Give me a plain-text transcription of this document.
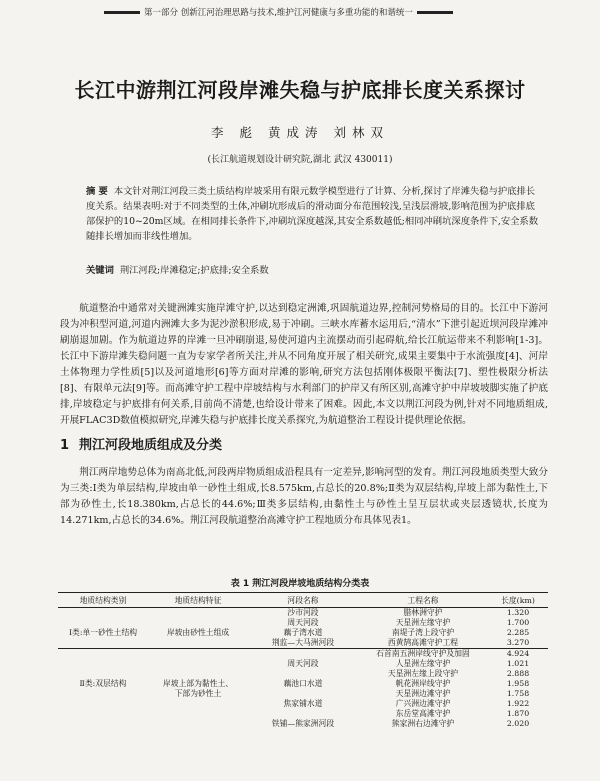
第一部分 创新江河治理思路与技术,维护江河健康与多重功能的和谐统一
长江中游荆江河段岸滩失稳与护底排长度关系探讨
李 彪 黄成涛 刘林双
(长江航道规划设计研究院,湖北 武汉 430011)
摘 要 本文针对荆江河段三类土质结构岸坡采用有限元数学模型进行了计算、分析,探讨了岸滩失稳与护底排长度关系。结果表明:对于不同类型的土体,冲刷坑形成后的滑动面分布范围较浅,呈浅层滑坡,影响范围为护底排底部保护的10~20m区域。在相同排长条件下,冲刷坑深度越深,其安全系数越低;相同冲刷坑深度条件下,安全系数随排长增加而非线性增加。
关键词 荆江河段;岸滩稳定;护底排;安全系数
航道整治中通常对关键洲滩实施岸滩守护,以达到稳定洲滩,巩固航道边界,控制河势格局的目的。长江中下游河段为冲积型河道,河道内洲滩大多为泥沙淤积形成,易于冲刷。三峡水库蓄水运用后,“清水”下泄引起近坝河段岸滩冲刷崩退加剧。作为航道边界的岸滩一旦冲刷崩退,易使河道内主流摆动而引起碍航,给长江航运带来不利影响[1-3]。长江中下游岸滩失稳问题一直为专家学者所关注,并从不同角度开展了相关研究,成果主要集中于水流强度[4]、河岸土体物理力学性质[5]以及河道地形[6]等方面对岸滩的影响,研究方法包括刚体极限平衡法[7]、塑性极限分析法[8]、有限单元法[9]等。而高滩守护工程中岸坡结构与水利部门的护岸又有所区别,高滩守护中岸坡坡脚实施了护底排,岸坡稳定与护底排有何关系,目前尚不清楚,也给设计带来了困难。因此,本文以荆江河段为例,针对不同地质组成,开展FLAC3D数值模拟研究,岸滩失稳与护底排长度关系探究,为航道整治工程设计提供理论依据。
1 荆江河段地质组成及分类
荆江两岸地势总体为南高北低,河段两岸物质组成沿程具有一定差异,影响河型的发育。荆江河段地质类型大致分为三类:Ⅰ类为单层结构,岸坡由单一砂性土组成,长8.575km,占总长的20.8%;Ⅱ类为双层结构,岸坡上部为黏性土,下部为砂性土,长18.380km,占总长的44.6%;Ⅲ类多层结构,由黏性土与砂性土呈互层状或夹层透镜状,长度为14.271km,占总长的34.6%。荆江河段航道整治高滩守护工程地质分布具体见表1。
表 1 荆江河段岸坡地质结构分类表
地质结构类别	地质结构特征	河段名称	工程名称	长度(km)
		沙市河段	腊林洲守护	1.320
		周天河段	天星洲左缘守护	1.700
Ⅰ类:单一砂性土结构	岸坡由砂性土组成	藕子湾水道	南堤子湾上段守护	2.285
		荆监—大马洲河段	西黄鹄高滩守护工程	3.270
			石首南五洲岸线守护及加固	4.924
		周天河段	人星洲左缘守护	1.021
			天星洲左缘上段守护	2.888
Ⅱ类:双层结构	岸坡上部为黏性土、	藕池口水道	帆花洲岸线守护	1.958
	下部为砂性土		天星洲边滩守护	1.758
		焦家铺水道	广兴洲边滩守护	1.922
			东岳堂高滩守护	1.870
		铁铺—熊家洲河段	熊家洲右边滩守护	2.020
